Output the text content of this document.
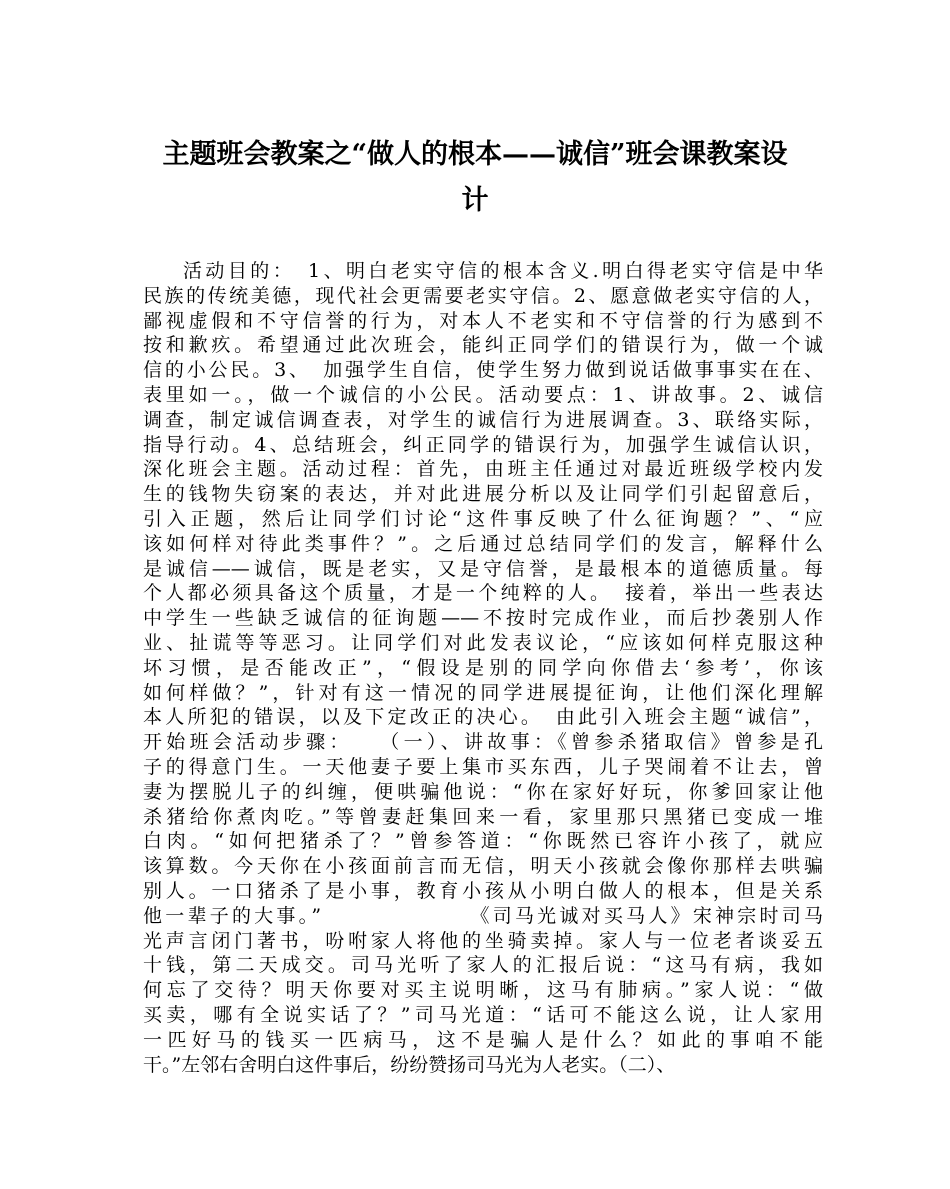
主题班会教案之“做人的根本——诚信”班会课教案设
计
活动目的：　1、明白老实守信的根本含义.明白得老实守信是中华
民族的传统美德，现代社会更需要老实守信。2、愿意做老实守信的人，
鄙视虚假和不守信誉的行为，对本人不老实和不守信誉的行为感到不
按和歉疚。希望通过此次班会，能纠正同学们的错误行为，做一个诚
信的小公民。3、　加强学生自信，使学生努力做到说话做事事实在在、
表里如一。，做一个诚信的小公民。活动要点：1、讲故事。2、诚信
调查，制定诚信调查表，对学生的诚信行为进展调查。3、联络实际，
指导行动。4、总结班会，纠正同学的错误行为，加强学生诚信认识，
深化班会主题。活动过程：首先，由班主任通过对最近班级学校内发
生的钱物失窃案的表达，并对此进展分析以及让同学们引起留意后，
引入正题，然后让同学们讨论“这件事反映了什么征询题？”、“应
该如何样对待此类事件？”。之后通过总结同学们的发言，解释什么
是诚信——诚信，既是老实，又是守信誉，是最根本的道德质量。每
个人都必须具备这个质量，才是一个纯粹的人。　接着，举出一些表达
中学生一些缺乏诚信的征询题——不按时完成作业，而后抄袭别人作
业、扯谎等等恶习。让同学们对此发表议论，“应该如何样克服这种
坏习惯，是否能改正”，“假设是别的同学向你借去‘参考’，你该
如何样做？”，针对有这一情况的同学进展提征询，让他们深化理解
本人所犯的错误，以及下定改正的决心。　由此引入班会主题“诚信”，
开始班会活动步骤：　　（一）、讲故事：《曾参杀猪取信》曾参是孔
子的得意门生。一天他妻子要上集市买东西，儿子哭闹着不让去，曾
妻为摆脱儿子的纠缠，便哄骗他说：“你在家好好玩，你爹回家让他
杀猪给你煮肉吃。”等曾妻赶集回来一看，家里那只黑猪已变成一堆
白肉。“如何把猪杀了？”曾参答道：“你既然已容许小孩了，就应
该算数。今天你在小孩面前言而无信，明天小孩就会像你那样去哄骗
别人。一口猪杀了是小事，教育小孩从小明白做人的根本，但是关系
他一辈子的大事。”　　　　　　　《司马光诚对买马人》宋神宗时司马
光声言闭门著书，吩咐家人将他的坐骑卖掉。家人与一位老者谈妥五
十钱，第二天成交。司马光听了家人的汇报后说：“这马有病，我如
何忘了交待？明天你要对买主说明晰，这马有肺病。”家人说：“做
买卖，哪有全说实话了？”司马光道：“话可不能这么说，让人家用
一匹好马的钱买一匹病马，这不是骗人是什么？如此的事咱不能
干。”左邻右舍明白这件事后，纷纷赞扬司马光为人老实。（二）、
